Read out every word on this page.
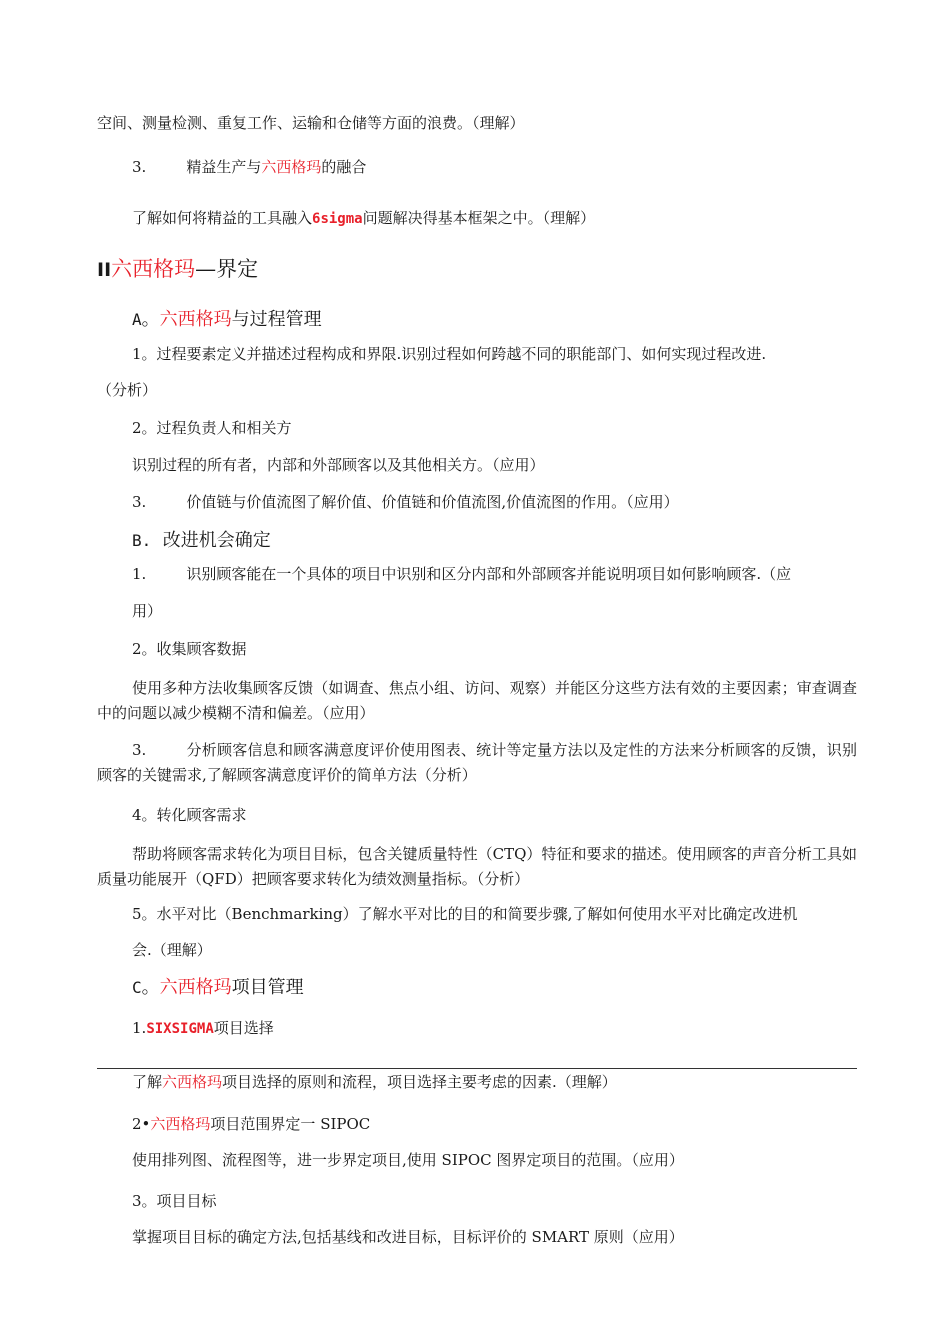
空间、测量检测、重复工作、运输和仓储等方面的浪费。（理解）
3.	精益生产与六西格玛的融合
了解如何将精益的工具融入6sigma问题解决得基本框架之中。（理解）
II六西格玛—界定
A。六西格玛与过程管理
1。过程要素定义并描述过程构成和界限.识别过程如何跨越不同的职能部门、如何实现过程改进.
（分析）
2。过程负责人和相关方
识别过程的所有者，内部和外部顾客以及其他相关方。（应用）
3.	价值链与价值流图了解价值、价值链和价值流图,价值流图的作用。（应用）
B. 改进机会确定
1.	识别顾客能在一个具体的项目中识别和区分内部和外部顾客并能说明项目如何影响顾客.（应
用）
2。收集顾客数据
使用多种方法收集顾客反馈（如调查、焦点小组、访问、观察）并能区分这些方法有效的主要因素；审查调查中的问题以减少模糊不清和偏差。（应用）
3.	分析顾客信息和顾客满意度评价使用图表、统计等定量方法以及定性的方法来分析顾客的反馈，识别顾客的关键需求,了解顾客满意度评价的简单方法（分析）
4。转化顾客需求
帮助将顾客需求转化为项目目标，包含关键质量特性（CTQ）特征和要求的描述。使用顾客的声音分析工具如质量功能展开（QFD）把顾客要求转化为绩效测量指标。（分析）
5。水平对比（Benchmarking）了解水平对比的目的和简要步骤,了解如何使用水平对比确定改进机
会.（理解）
C。六西格玛项目管理
1.SIXSIGMA项目选择
了解六西格玛项目选择的原则和流程，项目选择主要考虑的因素.（理解）
2•六西格玛项目范围界定一 SIPOC
使用排列图、流程图等，进一步界定项目,使用 SIPOC 图界定项目的范围。（应用）
3。项目目标
掌握项目目标的确定方法,包括基线和改进目标，目标评价的 SMART 原则（应用）
